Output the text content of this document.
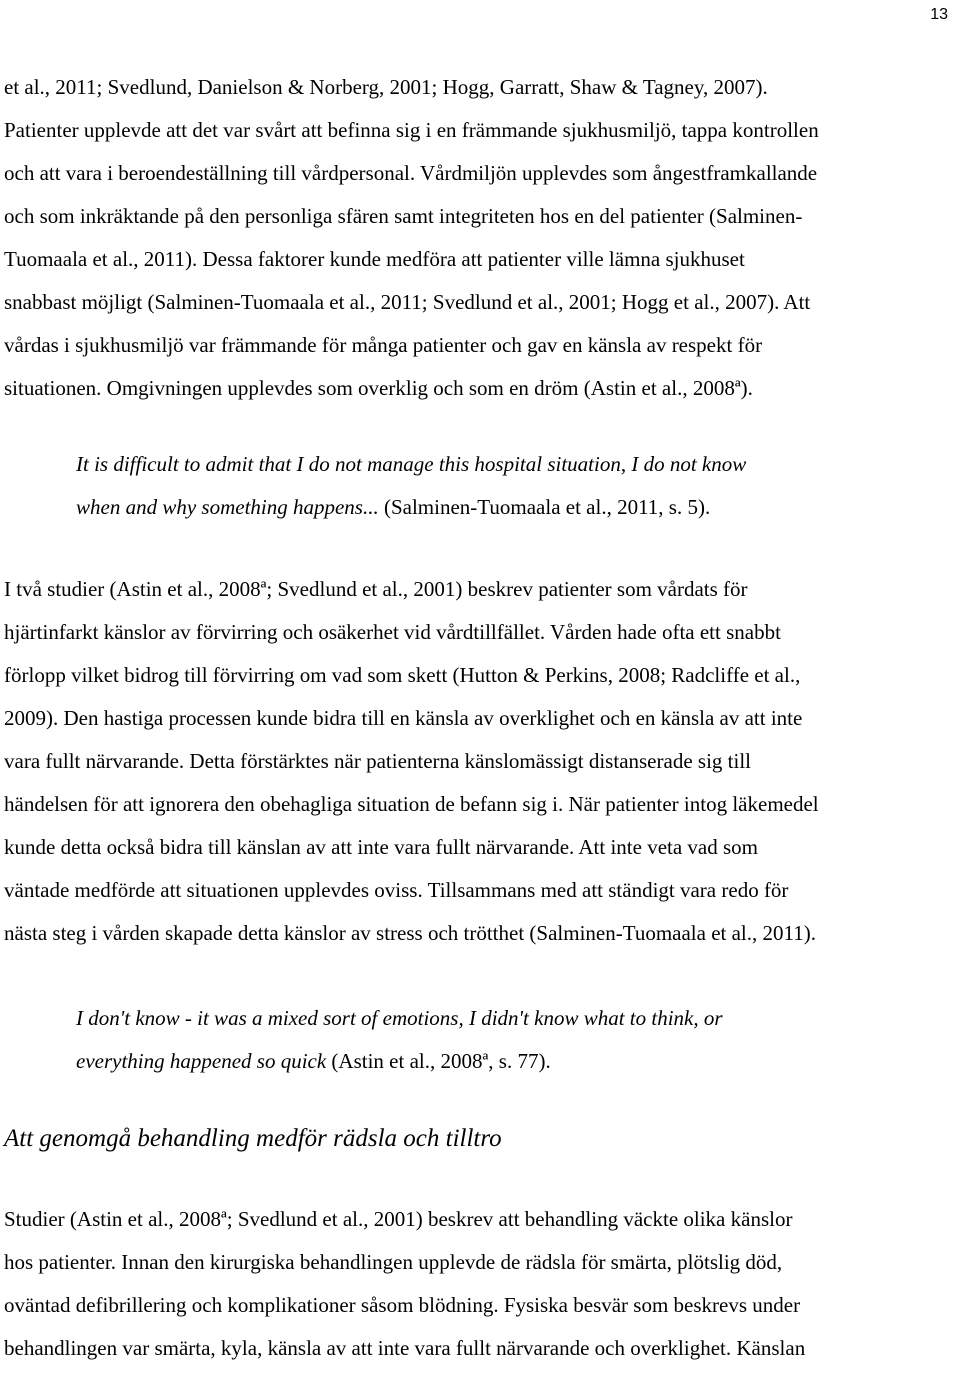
13

et al., 2011; Svedlund, Danielson & Norberg, 2001; Hogg, Garratt, Shaw & Tagney, 2007).
Patienter upplevde att det var svårt att befinna sig i en främmande sjukhusmiljö, tappa kontrollen
och att vara i beroendeställning till vårdpersonal. Vårdmiljön upplevdes som ångestframkallande
och som inkräktande på den personliga sfären samt integriteten hos en del patienter (Salminen-
Tuomaala et al., 2011). Dessa faktorer kunde medföra att patienter ville lämna sjukhuset
snabbast möjligt (Salminen-Tuomaala et al., 2011; Svedlund et al., 2001; Hogg et al., 2007). Att
vårdas i sjukhusmiljö var främmande för många patienter och gav en känsla av respekt för
situationen. Omgivningen upplevdes som overklig och som en dröm (Astin et al., 2008ª).

It is difficult to admit that I do not manage this hospital situation, I do not know
when and why something happens... (Salminen-Tuomaala et al., 2011, s. 5).

I två studier (Astin et al., 2008ª; Svedlund et al., 2001) beskrev patienter som vårdats för
hjärtinfarkt känslor av förvirring och osäkerhet vid vårdtillfället. Vården hade ofta ett snabbt
förlopp vilket bidrog till förvirring om vad som skett (Hutton & Perkins, 2008; Radcliffe et al.,
2009). Den hastiga processen kunde bidra till en känsla av overklighet och en känsla av att inte
vara fullt närvarande. Detta förstärktes när patienterna känslomässigt distanserade sig till
händelsen för att ignorera den obehagliga situation de befann sig i. När patienter intog läkemedel
kunde detta också bidra till känslan av att inte vara fullt närvarande. Att inte veta vad som
väntade medförde att situationen upplevdes oviss. Tillsammans med att ständigt vara redo för
nästa steg i vården skapade detta känslor av stress och trötthet (Salminen-Tuomaala et al., 2011).

I don't know - it was a mixed sort of emotions, I didn't know what to think, or
everything happened so quick (Astin et al., 2008ª, s. 77).
Att genomgå behandling medför rädsla och tilltro

Studier (Astin et al., 2008ª; Svedlund et al., 2001) beskrev att behandling väckte olika känslor
hos patienter. Innan den kirurgiska behandlingen upplevde de rädsla för smärta, plötslig död,
oväntad defibrillering och komplikationer såsom blödning. Fysiska besvär som beskrevs under
behandlingen var smärta, kyla, känsla av att inte vara fullt närvarande och overklighet. Känslan
